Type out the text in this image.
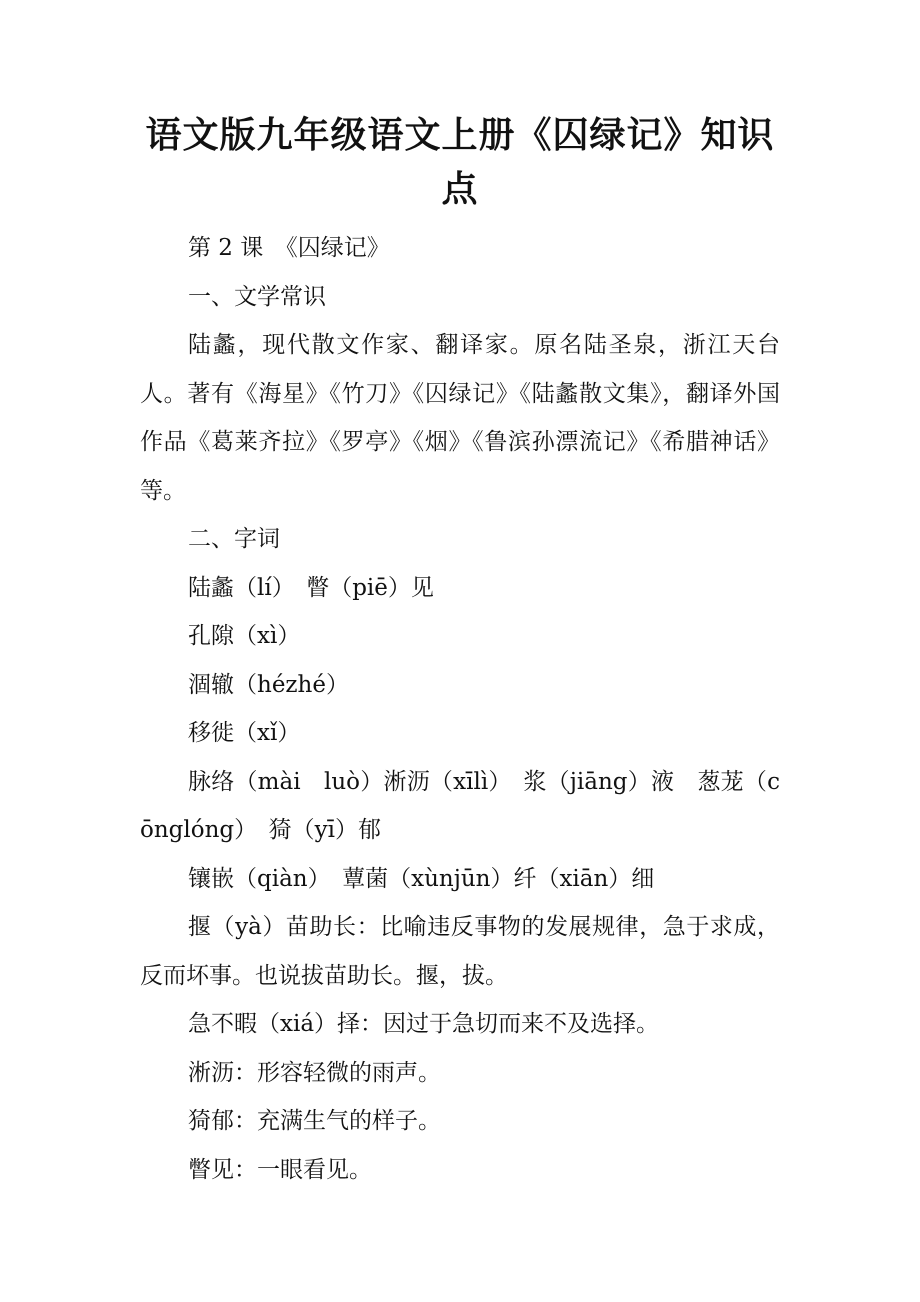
语文版九年级语文上册《囚绿记》知识点

第 2 课　《囚绿记》

一、文学常识

陆蠡，现代散文作家、翻译家。原名陆圣泉，浙江天台人。著有《海星》《竹刀》《囚绿记》《陆蠡散文集》，翻译外国作品《葛莱齐拉》《罗亭》《烟》《鲁滨孙漂流记》《希腊神话》等。

二、字词

陆蠡（lí）　瞥（piē）见

孔隙（xì）

涸辙（hézhé）

移徙（xǐ）

脉络（mài　luò）淅沥（xīlì）　浆（jiāng）液　葱茏（cōnglóng）　猗（yī）郁

镶嵌（qiàn）　蕈菌（xùnjūn）纤（xiān）细

揠（yà）苗助长：比喻违反事物的发展规律，急于求成，反而坏事。也说拔苗助长。揠，拔。

急不暇（xiá）择：因过于急切而来不及选择。

淅沥：形容轻微的雨声。

猗郁：充满生气的样子。

瞥见：一眼看见。
